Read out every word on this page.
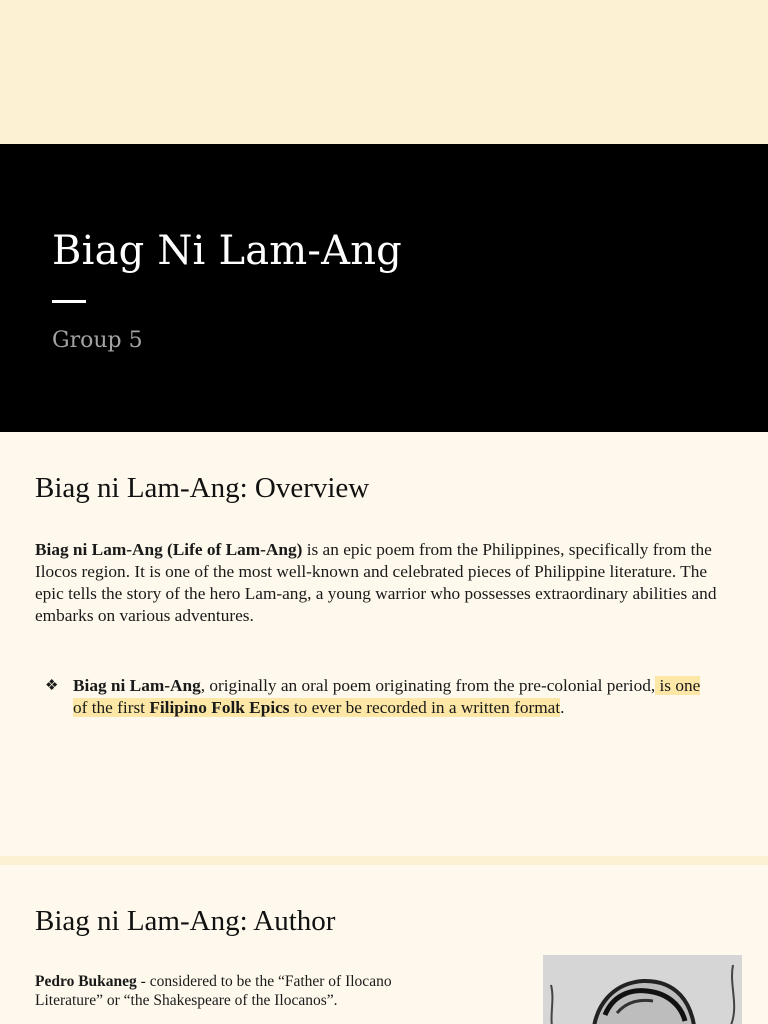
Biag Ni Lam-Ang

Group 5

Biag ni Lam-Ang: Overview

Biag ni Lam-Ang (Life of Lam-Ang) is an epic poem from the Philippines, specifically from the Ilocos region. It is one of the most well-known and celebrated pieces of Philippine literature. The epic tells the story of the hero Lam-ang, a young warrior who possesses extraordinary abilities and embarks on various adventures.

❖ Biag ni Lam-Ang, originally an oral poem originating from the pre-colonial period, is one of the first Filipino Folk Epics to ever be recorded in a written format.
Biag ni Lam-Ang: Author

Pedro Bukaneg - considered to be the “Father of Ilocano Literature” or “the Shakespeare of the Ilocanos”.
